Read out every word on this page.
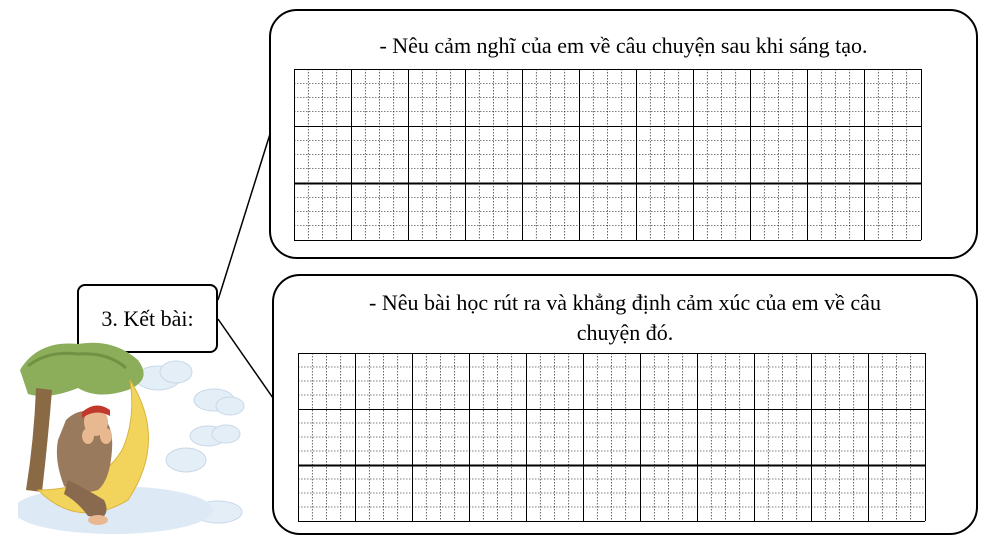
- Nêu cảm nghĩ của em về câu chuyện sau khi sáng tạo.
- Nêu bài học rút ra và khẳng định cảm xúc của em về câu
chuyện đó.
3. Kết bài:
